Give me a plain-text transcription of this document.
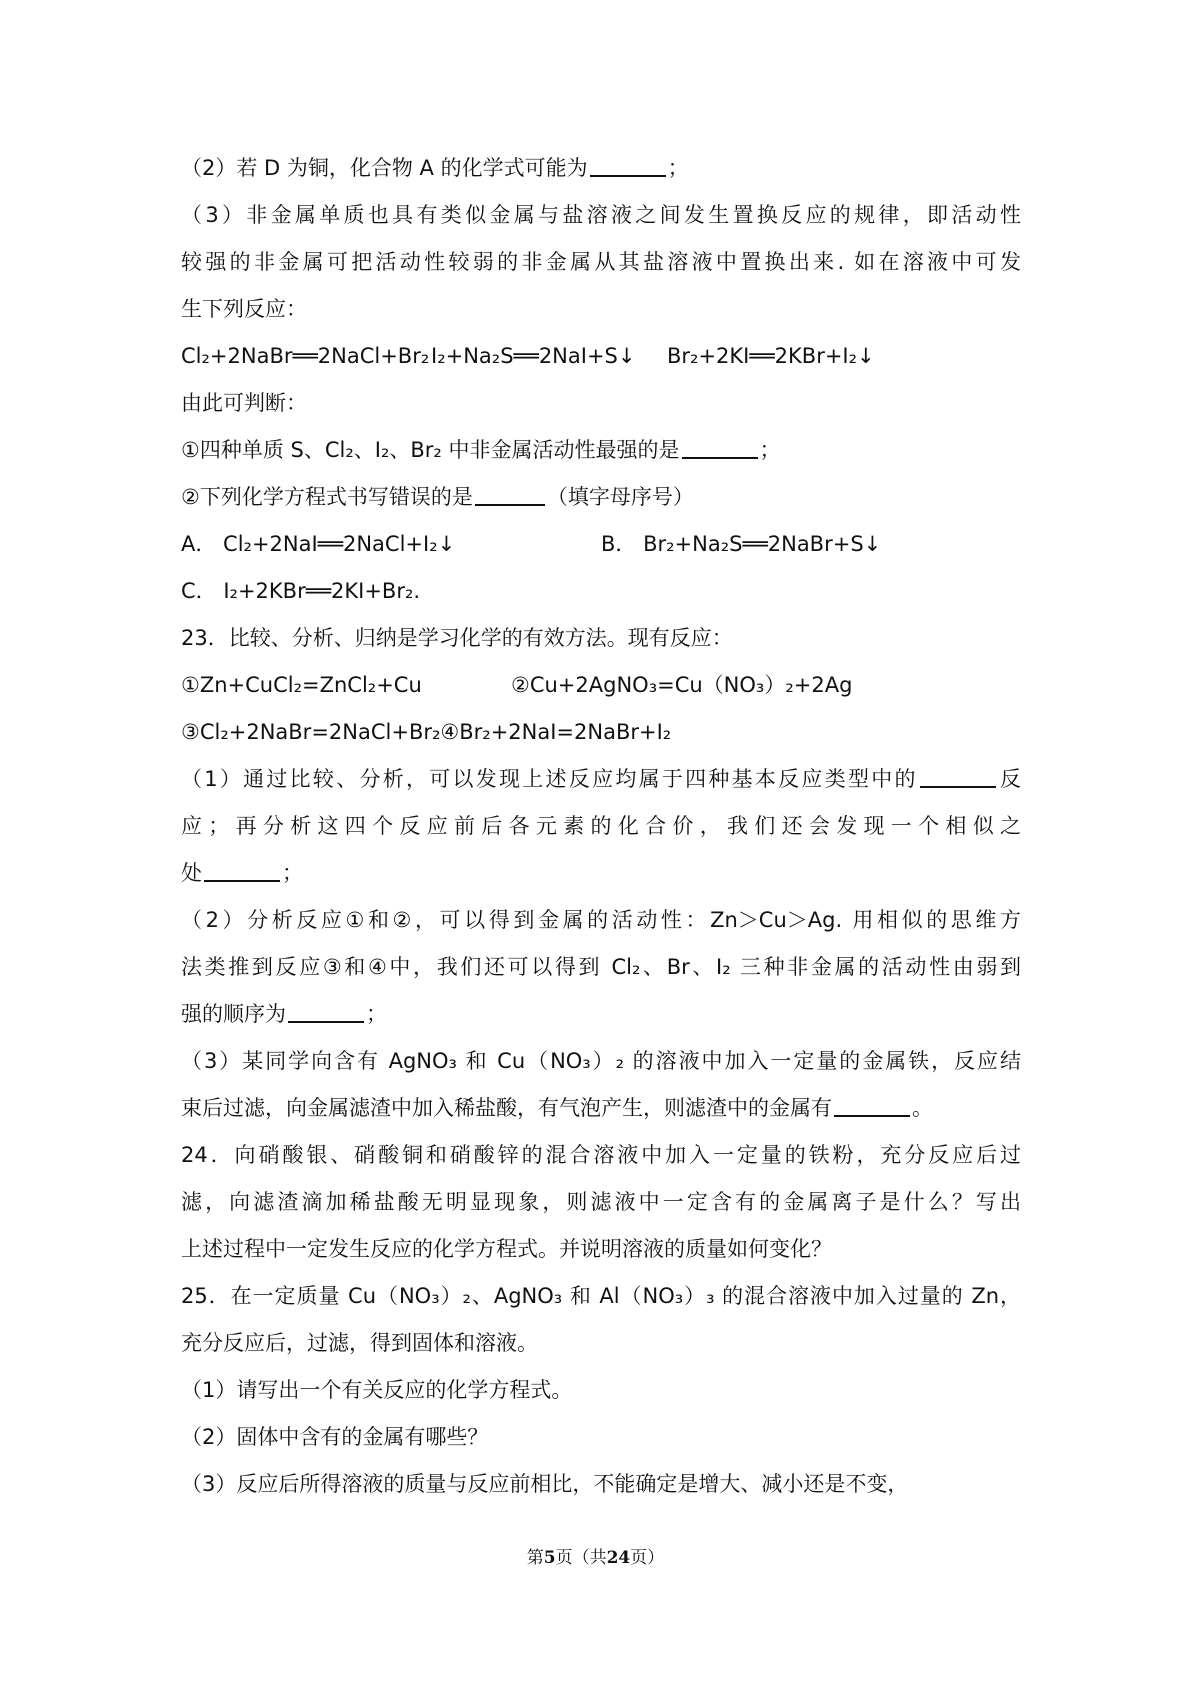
（2）若 D 为铜，化合物 A 的化学式可能为	；
（3）非金属单质也具有类似金属与盐溶液之间发生置换反应的规律，即活动性
较强的非金属可把活动性较弱的非金属从其盐溶液中置换出来. 如在溶液中可发
生下列反应：
Cl₂+2NaBr══2NaCl+Br₂ I₂+Na₂S══2NaI+S↓	Br₂+2KI══2KBr+I₂↓
由此可判断：
①四种单质 S、Cl₂、I₂、Br₂ 中非金属活动性最强的是	；
②下列化学方程式书写错误的是	（填字母序号）
A． Cl₂+2NaI══2NaCl+I₂↓	B． Br₂+Na₂S══2NaBr+S↓
C． I₂+2KBr══2KI+Br₂.
23．比较、分析、归纳是学习化学的有效方法。现有反应：
①Zn+CuCl₂=ZnCl₂+Cu	②Cu+2AgNO₃=Cu（NO₃）₂+2Ag
③Cl₂+2NaBr=2NaCl+Br₂④Br₂+2NaI=2NaBr+I₂
（1）通过比较、分析，可以发现上述反应均属于四种基本反应类型中的	反
应；再分析这四个反应前后各元素的化合价，我们还会发现一个相似之
处	；
（2）分析反应①和②，可以得到金属的活动性：Zn＞Cu＞Ag. 用相似的思维方
法类推到反应③和④中，我们还可以得到 Cl₂、Br、I₂ 三种非金属的活动性由弱到
强的顺序为	；
（3）某同学向含有 AgNO₃ 和 Cu（NO₃）₂ 的溶液中加入一定量的金属铁，反应结
束后过滤，向金属滤渣中加入稀盐酸，有气泡产生，则滤渣中的金属有	。
24．向硝酸银、硝酸铜和硝酸锌的混合溶液中加入一定量的铁粉，充分反应后过
滤，向滤渣滴加稀盐酸无明显现象，则滤液中一定含有的金属离子是什么？写出
上述过程中一定发生反应的化学方程式。并说明溶液的质量如何变化？
25．在一定质量 Cu（NO₃）₂、AgNO₃ 和 Al（NO₃）₃ 的混合溶液中加入过量的 Zn，
充分反应后，过滤，得到固体和溶液。
（1）请写出一个有关反应的化学方程式。
（2）固体中含有的金属有哪些？
（3）反应后所得溶液的质量与反应前相比，不能确定是增大、减小还是不变，
第5页（共24页）
